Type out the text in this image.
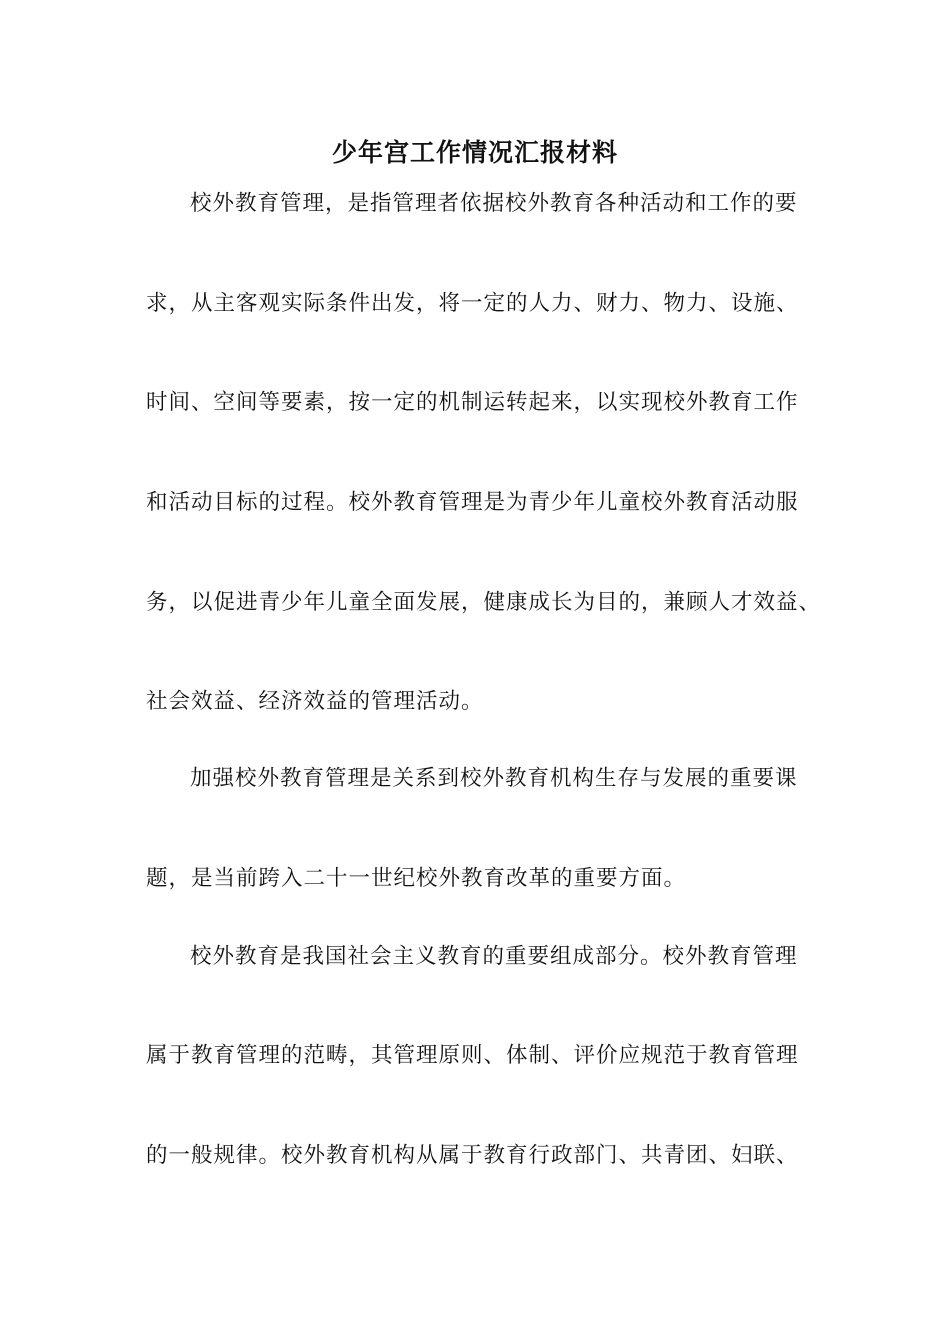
少年宫工作情况汇报材料
校外教育管理，是指管理者依据校外教育各种活动和工作的要
求，从主客观实际条件出发，将一定的人力、财力、物力、设施、
时间、空间等要素，按一定的机制运转起来，以实现校外教育工作
和活动目标的过程。校外教育管理是为青少年儿童校外教育活动服
务，以促进青少年儿童全面发展，健康成长为目的，兼顾人才效益、
社会效益、经济效益的管理活动。
加强校外教育管理是关系到校外教育机构生存与发展的重要课
题，是当前跨入二十一世纪校外教育改革的重要方面。
校外教育是我国社会主义教育的重要组成部分。校外教育管理
属于教育管理的范畴，其管理原则、体制、评价应规范于教育管理
的一般规律。校外教育机构从属于教育行政部门、共青团、妇联、
